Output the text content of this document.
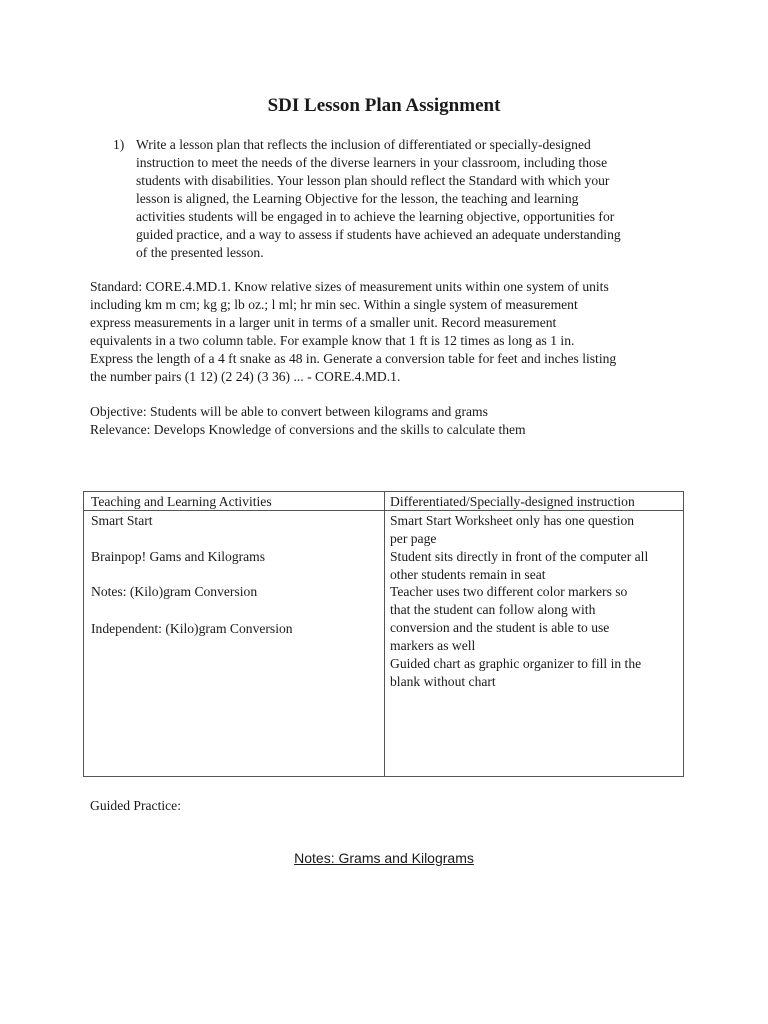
SDI Lesson Plan Assignment
1) Write a lesson plan that reflects the inclusion of differentiated or specially-designed
instruction to meet the needs of the diverse learners in your classroom, including those
students with disabilities. Your lesson plan should reflect the Standard with which your
lesson is aligned, the Learning Objective for the lesson, the teaching and learning
activities students will be engaged in to achieve the learning objective, opportunities for
guided practice, and a way to assess if students have achieved an adequate understanding
of the presented lesson.
Standard: CORE.4.MD.1. Know relative sizes of measurement units within one system of units
including km m cm; kg g; lb oz.; l ml; hr min sec. Within a single system of measurement
express measurements in a larger unit in terms of a smaller unit. Record measurement
equivalents in a two column table. For example know that 1 ft is 12 times as long as 1 in.
Express the length of a 4 ft snake as 48 in. Generate a conversion table for feet and inches listing
the number pairs (1 12) (2 24) (3 36) ... - CORE.4.MD.1.
Objective: Students will be able to convert between kilograms and grams
Relevance: Develops Knowledge of conversions and the skills to calculate them
Teaching and Learning Activities	Differentiated/Specially-designed instruction
Smart Start
Brainpop! Gams and Kilograms
Notes: (Kilo)gram Conversion
Independent: (Kilo)gram Conversion
Smart Start Worksheet only has one question
per page
Student sits directly in front of the computer all
other students remain in seat
Teacher uses two different color markers so
that the student can follow along with
conversion and the student is able to use
markers as well
Guided chart as graphic organizer to fill in the
blank without chart
Guided Practice:
Notes: Grams and Kilograms
